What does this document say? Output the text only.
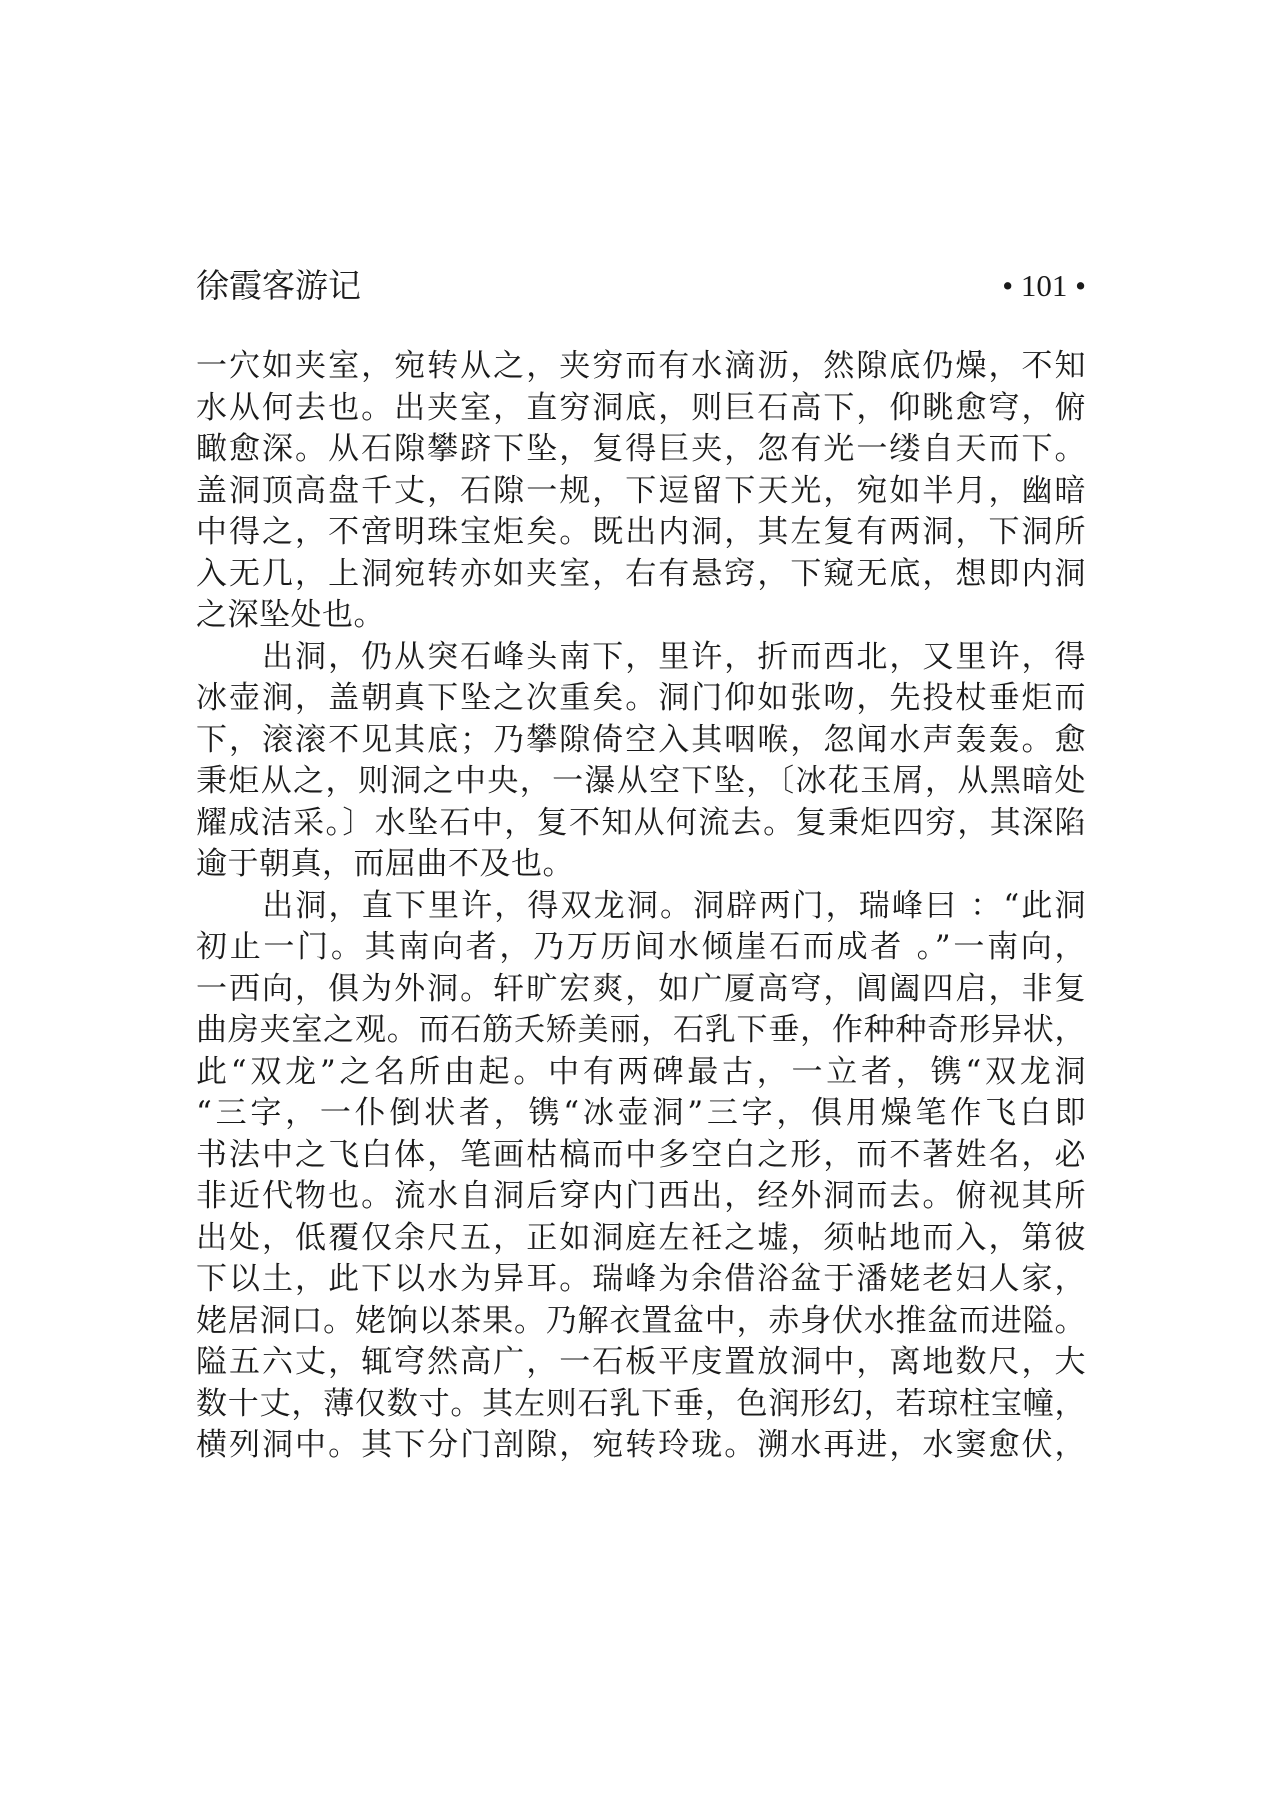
徐霞客游记	• 101 •
一穴如夹室，宛转从之，夹穷而有水滴沥，然隙底仍燥，不知
水从何去也。出夹室，直穷洞底，则巨石高下，仰眺愈穹，俯
瞰愈深。从石隙攀跻下坠，复得巨夹，忽有光一缕自天而下。
盖洞顶高盘千丈，石隙一规，下逗留下天光，宛如半月，幽暗
中得之，不啻明珠宝炬矣。既出内洞，其左复有两洞，下洞所
入无几，上洞宛转亦如夹室，右有悬窍，下窥无底，想即内洞
之深坠处也。
　　出洞，仍从突石峰头南下，里许，折而西北，又里许，得
冰壶涧，盖朝真下坠之次重矣。洞门仰如张吻，先投杖垂炬而
下，滚滚不见其底；乃攀隙倚空入其咽喉，忽闻水声轰轰。愈
秉炬从之，则洞之中央，一瀑从空下坠，〔冰花玉屑，从黑暗处
耀成洁采。〕水坠石中，复不知从何流去。复秉炬四穷，其深陷
逾于朝真，而屈曲不及也。
　　出洞，直下里许，得双龙洞。洞辟两门，瑞峰曰 ：“此洞
初止一门。其南向者，乃万历间水倾崖石而成者 。”一南向，
一西向，俱为外洞。轩旷宏爽，如广厦高穹，阊阖四启，非复
曲房夹室之观。而石筋夭矫美丽，石乳下垂，作种种奇形异状，
此“双龙”之名所由起。中有两碑最古，一立者，镌“双龙洞
“三字，一仆倒状者，镌“冰壶洞”三字，俱用燥笔作飞白即
书法中之飞白体，笔画枯槁而中多空白之形，而不著姓名，必
非近代物也。流水自洞后穿内门西出，经外洞而去。俯视其所
出处，低覆仅余尺五，正如洞庭左衽之墟，须帖地而入，第彼
下以土，此下以水为异耳。瑞峰为余借浴盆于潘姥老妇人家，
姥居洞口。姥饷以茶果。乃解衣置盆中，赤身伏水推盆而进隘。
隘五六丈，辄穹然高广，一石板平庋置放洞中，离地数尺，大
数十丈，薄仅数寸。其左则石乳下垂，色润形幻，若琼柱宝幢，
横列洞中。其下分门剖隙，宛转玲珑。溯水再进，水窦愈伏，
